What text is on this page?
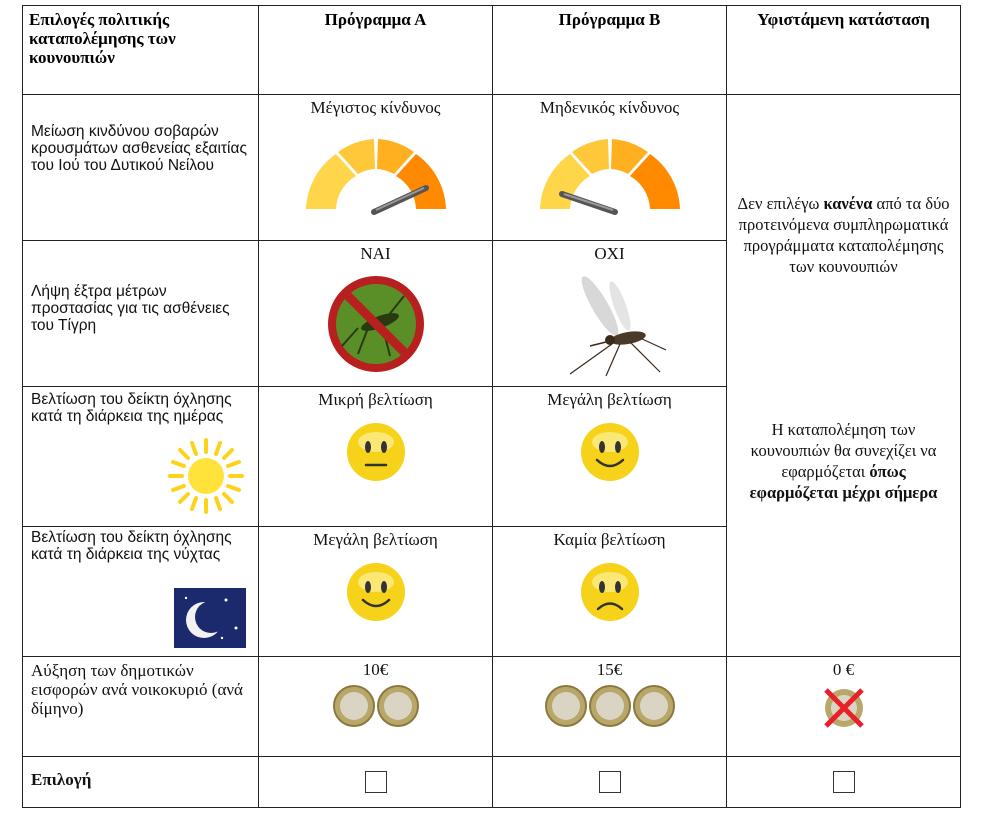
Επιλογές πολιτικής καταπολέμησης των κουνουπιών	Πρόγραμμα Α	Πρόγραμμα Β	Υφιστάμενη κατάσταση

Μείωση κινδύνου σοβαρών κρουσμάτων ασθενείας εξαιτίας του Ιού του Δυτικού Νείλου	Μέγιστος κίνδυνος	Μηδενικός κίνδυνος	Δεν επιλέγω κανένα από τα δύο προτεινόμενα συμπληρωματικά προγράμματα καταπολέμησης των κουνουπιών
Η καταπολέμηση των κουνουπιών θα συνεχίζει να εφαρμόζεται όπως
εφαρμόζεται μέχρι σήμερα

Λήψη έξτρα μέτρων προστασίας για τις ασθένειες του Τίγρη	ΝΑΙ	ΟΧΙ	

Βελτίωση του δείκτη όχλησης κατά τη διάρκεια της ημέρας	Μικρή βελτίωση	Μεγάλη βελτίωση	

Βελτίωση του δείκτη όχλησης κατά τη διάρκεια της νύχτας	Μεγάλη βελτίωση	Καμία βελτίωση	

Αύξηση των δημοτικών εισφορών ανά νοικοκυριό (ανά δίμηνο)	10€	15€	0 €

Επιλογή			
